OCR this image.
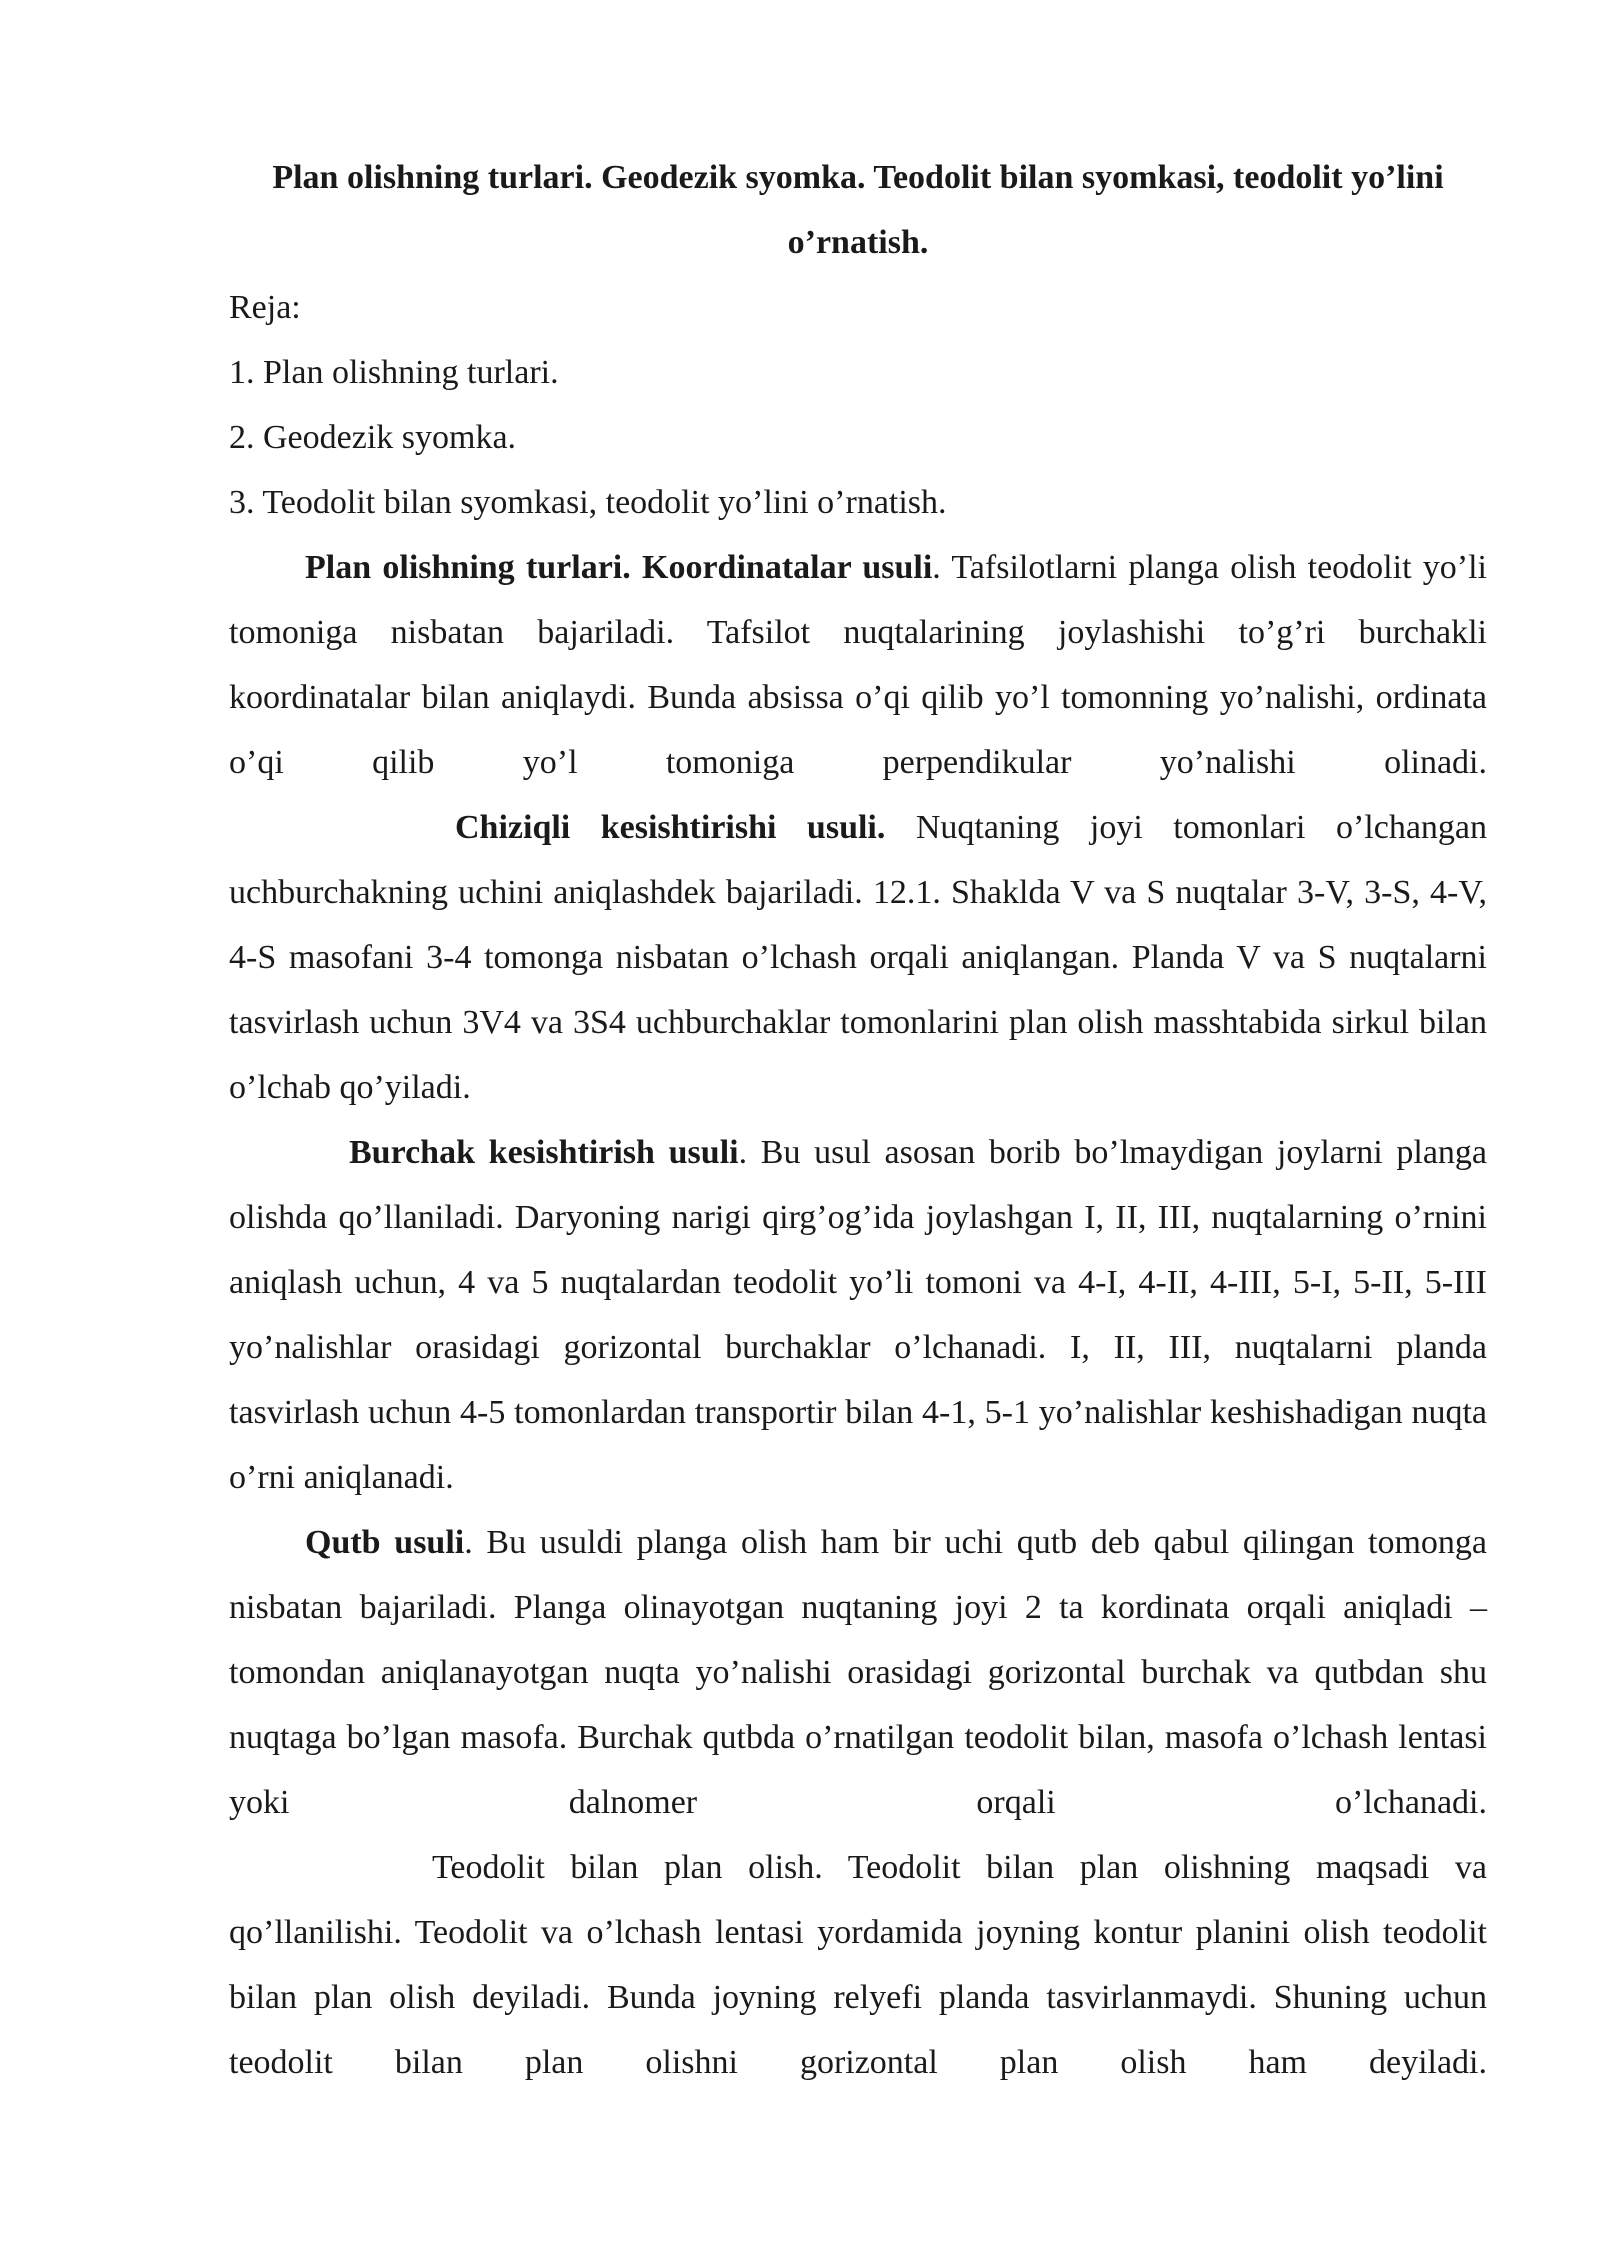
Plan olishning turlari. Geodezik syomka. Teodolit bilan syomkasi, teodolit yo’lini o’rnatish.

Reja:

1. Plan olishning turlari.

2. Geodezik syomka.

3. Teodolit bilan syomkasi, teodolit yo’lini o’rnatish.

Plan olishning turlari. Koordinatalar usuli. Tafsilotlarni planga olish teodolit yo’li tomoniga nisbatan bajariladi. Tafsilot nuqtalarining joylashishi to’g’ri burchakli koordinatalar bilan aniqlaydi. Bunda absissa o’qi qilib yo’l tomonning yo’nalishi, ordinata o’qi qilib yo’l tomoniga perpendikular yo’nalishi olinadi.

Chiziqli kesishtirishi usuli. Nuqtaning joyi tomonlari o’lchangan uchburchakning uchini aniqlashdek bajariladi. 12.1. Shaklda V va S nuqtalar 3-V, 3-S, 4-V, 4-S masofani 3-4 tomonga nisbatan o’lchash orqali aniqlangan. Planda V va S nuqtalarni tasvirlash uchun 3V4 va 3S4 uchburchaklar tomonlarini plan olish masshtabida sirkul bilan o’lchab qo’yiladi.

Burchak kesishtirish usuli. Bu usul asosan borib bo’lmaydigan joylarni planga olishda qo’llaniladi. Daryoning narigi qirg’og’ida joylashgan I, II, III, nuqtalarning o’rnini aniqlash uchun, 4 va 5 nuqtalardan teodolit yo’li tomoni va 4-I, 4-II, 4-III, 5-I, 5-II, 5-III yo’nalishlar orasidagi gorizontal burchaklar o’lchanadi. I, II, III, nuqtalarni planda tasvirlash uchun 4-5 tomonlardan transportir bilan 4-1, 5-1 yo’nalishlar keshishadigan nuqta o’rni aniqlanadi.

Qutb usuli. Bu usuldi planga olish ham bir uchi qutb deb qabul qilingan tomonga nisbatan bajariladi. Planga olinayotgan nuqtaning joyi 2 ta kordinata orqali aniqladi – tomondan aniqlanayotgan nuqta yo’nalishi orasidagi gorizontal burchak va qutbdan shu nuqtaga bo’lgan masofa. Burchak qutbda o’rnatilgan teodolit bilan, masofa o’lchash lentasi yoki dalnomer orqali o’lchanadi.

Teodolit bilan plan olish. Teodolit bilan plan olishning maqsadi va qo’llanilishi. Teodolit va o’lchash lentasi yordamida joyning kontur planini olish teodolit bilan plan olish deyiladi. Bunda joyning relyefi planda tasvirlanmaydi. Shuning uchun teodolit bilan plan olishni gorizontal plan olish ham deyiladi.
